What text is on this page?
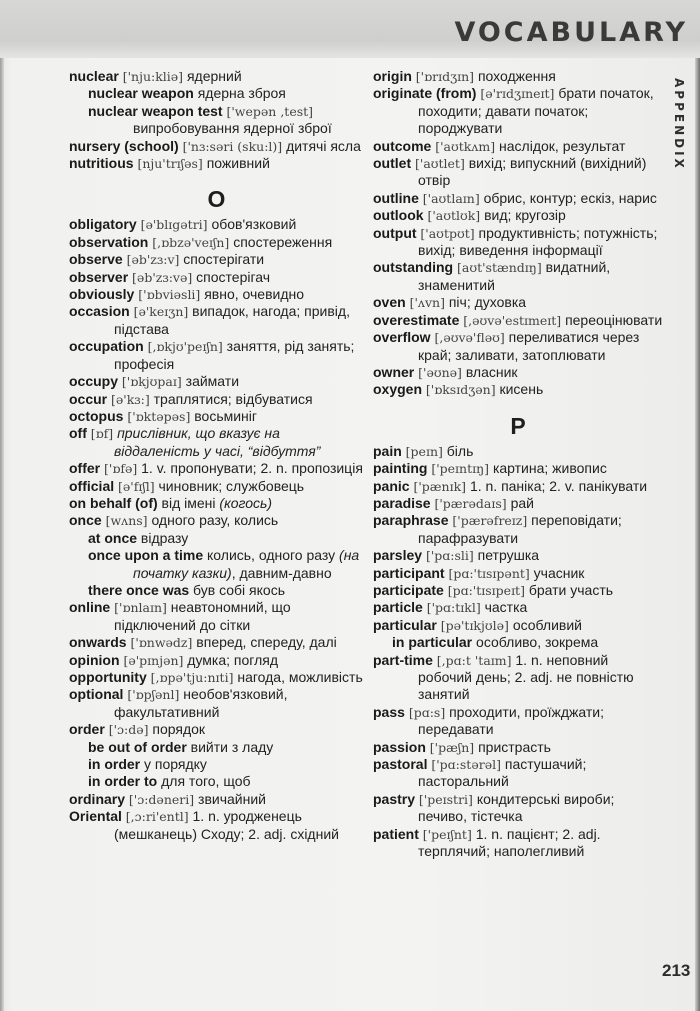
VOCABULARY
APPENDIX
nuclear ['nju:kliə] ядерний
nuclear weapon ядерна зброя
nuclear weapon test ['wepən ,test] випробовування ядерної зброї
nursery (school) ['nɜ:səri (sku:l)] дитячі ясла
nutritious [nju'trɪʃəs] поживний
O
obligatory [ə'blɪgətri] обов'язковий
observation [,ɒbzə'veɪʃn] спостереження
observe [əb'zɜ:v] спостерігати
observer [əb'zɜ:və] спостерігач
obviously ['ɒbviəsli] явно, очевидно
occasion [ə'keɪʒn] випадок, нагода; привід, підстава
occupation [,ɒkjʊ'peɪʃn] заняття, рід занять; професія
occupy ['ɒkjʊpaɪ] займати
occur [ə'kɜ:] траплятися; відбуватися
octopus ['ɒktəpəs] восьминіг
off [ɒf] прислівник, що вказує на віддаленість у часі, “відбуття”
offer ['ɒfə] 1. v. пропонувати; 2. n. пропозиція
official [ə'fɪʃl] чиновник; службовець
on behalf (of) від імені (когось)
once [wʌns] одного разу, колись
at once відразу
once upon a time колись, одного разу (на початку казки), давним-давно
there once was був собі якось
online ['ɒnlaɪn] неавтономний, що підключений до сітки
onwards ['ɒnwədz] вперед, спереду, далі
opinion [ə'pɪnjən] думка; погляд
opportunity [,ɒpə'tju:nɪti] нагода, можливість
optional ['ɒpʃənl] необов'язковий, факультативний
order ['ɔ:də] порядок
be out of order вийти з ладу
in order у порядку
in order to для того, щоб
ordinary ['ɔ:dəneri] звичайний
Oriental [,ɔ:ri'entl] 1. n. уродженець (мешканець) Сходу; 2. adj. східний
origin ['ɒrɪdʒɪn] походження
originate (from) [ə'rɪdʒɪneɪt] брати початок, походити; давати початок; породжувати
outcome ['aʊtkʌm] наслідок, результат
outlet ['aʊtlet] вихід; випускний (вихідний) отвір
outline ['aʊtlaɪn] обрис, контур; ескіз, нарис
outlook ['aʊtlʊk] вид; кругозір
output ['aʊtpʊt] продуктивність; потужність; вихід; виведення інформації
outstanding [aʊt'stændɪŋ] видатний, знаменитий
oven ['ʌvn] піч; духовка
overestimate [,əʊvə'estɪmeɪt] переоцінювати
overflow [,əʊvə'fləʊ] переливатися через край; заливати, затоплювати
owner ['əʊnə] власник
oxygen ['ɒksɪdʒən] кисень
P
pain [peɪn] біль
painting ['peɪntɪŋ] картина; живопис
panic ['pænɪk] 1. n. паніка; 2. v. панікувати
paradise ['pærədaɪs] рай
paraphrase ['pærəfreɪz] переповідати; парафразувати
parsley ['pɑ:sli] петрушка
participant [pɑ:'tɪsɪpənt] учасник
participate [pɑ:'tɪsɪpeɪt] брати участь
particle ['pɑ:tɪkl] частка
particular [pə'tɪkjʊlə] особливий
in particular особливо, зокрема
part-time [,pɑ:t 'taɪm] 1. n. неповний робочий день; 2. adj. не повністю занятий
pass [pɑ:s] проходити, проїжджати; передавати
passion ['pæʃn] пристрасть
pastoral ['pɑ:stərəl] пастушачий; пасторальний
pastry ['peɪstri] кондитерські вироби; печиво, тістечка
patient ['peɪʃnt] 1. n. пацієнт; 2. adj. терплячий; наполегливий
213
